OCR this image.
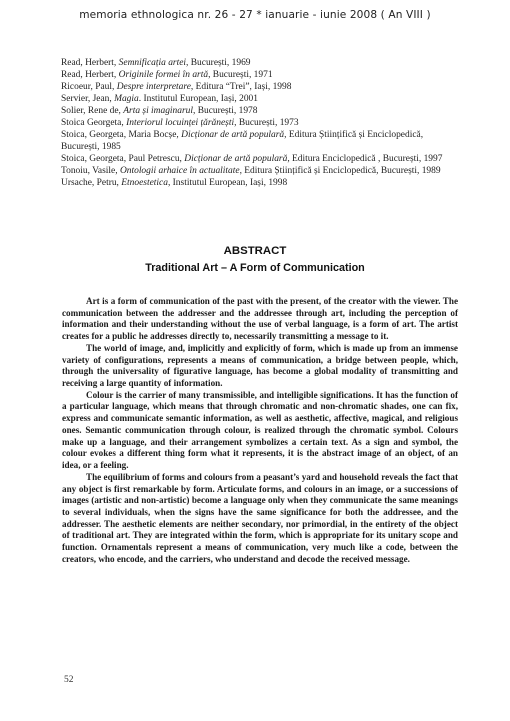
memoria ethnologica nr. 26 - 27 * ianuarie - iunie 2008 ( An VIII )

Read, Herbert, Semnificația artei, București, 1969

Read, Herbert, Originile formei în artă, București, 1971

Ricoeur, Paul, Despre interpretare, Editura “Trei”, Iași, 1998

Servier, Jean, Magia. Institutul European, Iași, 2001

Solier, Rene de, Arta și imaginarul, București, 1978

Stoica Georgeta, Interiorul locuinței țărănești, București, 1973

Stoica, Georgeta, Maria Bocșe, Dicționar de artă populară, Editura Științifică și Enciclopedică, București, 1985

Stoica, Georgeta, Paul Petrescu, Dicționar de artă populară, Editura Enciclopedică , București, 1997

Tonoiu, Vasile, Ontologii arhaice în actualitate, Editura Științifică și Enciclopedică, București, 1989

Ursache, Petru, Etnoestetica, Institutul European, Iași, 1998

ABSTRACT
Traditional Art – A Form of Communication

Art is a form of communication of the past with the present, of the creator with the viewer. The communication between the addresser and the addressee through art, including the perception of information and their understanding without the use of verbal language, is a form of art. The artist creates for a public he addresses directly to, necessarily transmitting a message to it.

The world of image, and, implicitly and explicitly of form, which is made up from an immense variety of configurations, represents a means of communication, a bridge between people, which, through the universality of figurative language, has become a global modality of transmitting and receiving a large quantity of information.

Colour is the carrier of many transmissible, and intelligible significations. It has the function of a particular language, which means that through chromatic and non-chromatic shades, one can fix, express and communicate semantic information, as well as aesthetic, affective, magical, and religious ones. Semantic communication through colour, is realized through the chromatic symbol. Colours make up a language, and their arrangement symbolizes a certain text. As a sign and symbol, the colour evokes a different thing form what it represents, it is the abstract image of an object, of an idea, or a feeling.

The equilibrium of forms and colours from a peasant’s yard and household reveals the fact that any object is first remarkable by form. Articulate forms, and colours in an image, or a successions of images (artistic and non-artistic) become a language only when they communicate the same meanings to several individuals, when the signs have the same significance for both the addressee, and the addresser. The aesthetic elements are neither secondary, nor primordial, in the entirety of the object of traditional art. They are integrated within the form, which is appropriate for its unitary scope and function. Ornamentals represent a means of communication, very much like a code, between the creators, who encode, and the carriers, who understand and decode the received message.

52
